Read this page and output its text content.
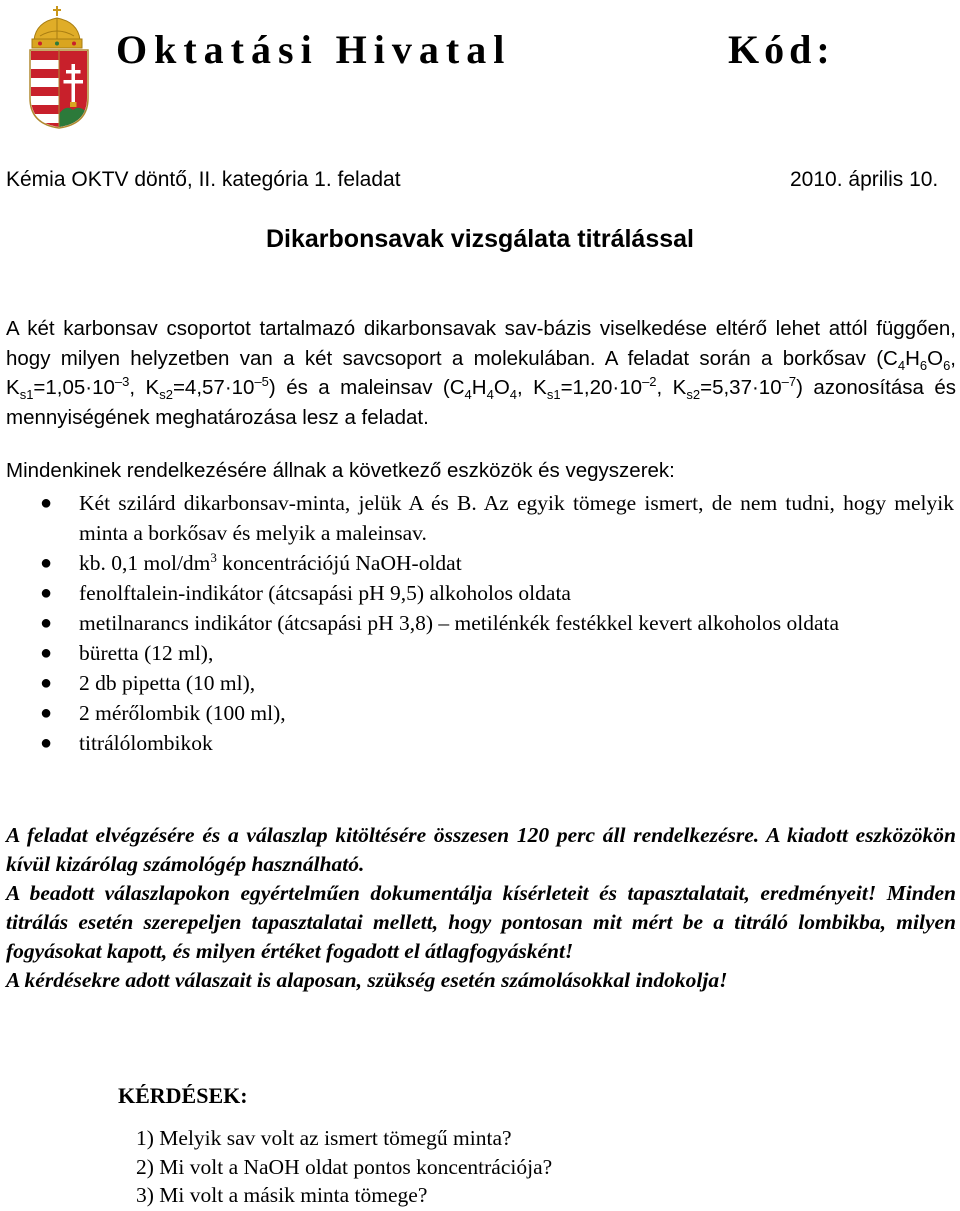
Oktatási Hivatal	Kód:
Kémia OKTV döntő, II. kategória 1. feladat	2010. április 10.
Dikarbonsavak vizsgálata titrálással

A két karbonsav csoportot tartalmazó dikarbonsavak sav-bázis viselkedése eltérő lehet attól függően, hogy milyen helyzetben van a két savcsoport a molekulában. A feladat során a borkősav ($C_4H_6O_6$, $K_{s1}=1,05\cdot 10^{-3}$, $K_{s2}=4,57\cdot 10^{-5}$) és a maleinsav ($C_4H_4O_4$, $K_{s1}=1,20\cdot 10^{-2}$, $K_{s2}=5,37\cdot 10^{-7}$) azonosítása és mennyiségének meghatározása lesz a feladat.

Mindenkinek rendelkezésére állnak a következő eszközök és vegyszerek:
● Két szilárd dikarbonsav-minta, jelük A és B. Az egyik tömege ismert, de nem tudni, hogy melyik minta a borkősav és melyik a maleinsav.
● kb. 0,1 mol/$dm^3$ koncentrációjú NaOH-oldat
● fenolftalein-indikátor (átcsapási pH 9,5) alkoholos oldata
● metilnarancs indikátor (átcsapási pH 3,8) – metilénkék festékkel kevert alkoholos oldata
● büretta (12 ml),
● 2 db pipetta (10 ml),
● 2 mérőlombik (100 ml),
● titrálólombikok

A feladat elvégzésére és a válaszlap kitöltésére összesen 120 perc áll rendelkezésre. A kiadott eszközökön kívül kizárólag számológép használható.

A beadott válaszlapokon egyértelműen dokumentálja kísérleteit és tapasztalatait, eredményeit! Minden titrálás esetén szerepeljen tapasztalatai mellett, hogy pontosan mit mért be a titráló lombikba, milyen fogyásokat kapott, és milyen értéket fogadott el átlagfogyásként!

A kérdésekre adott válaszait is alaposan, szükség esetén számolásokkal indokolja!

KÉRDÉSEK:
1) Melyik sav volt az ismert tömegű minta?
2) Mi volt a NaOH oldat pontos koncentrációja?
3) Mi volt a másik minta tömege?
